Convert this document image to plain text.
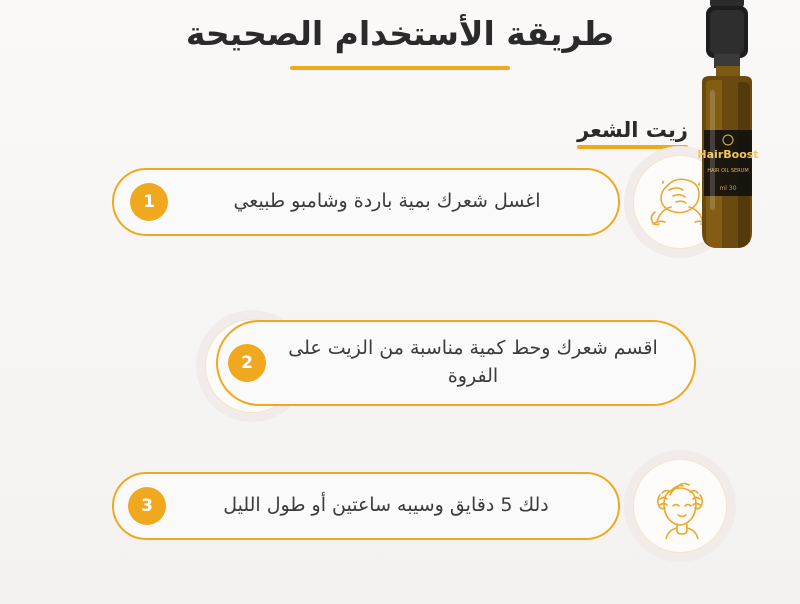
طريقة الأستخدام الصحيحة
HairBoost
HAIR OIL SERUM
30 ml
زيت الشعر
اغسل شعرك بمية باردة وشامبو طبيعي
1
اقسم شعرك وحط كمية مناسبة من الزيت على الفروة
2
دلك 5 دقايق وسيبه ساعتين أو طول الليل
3
